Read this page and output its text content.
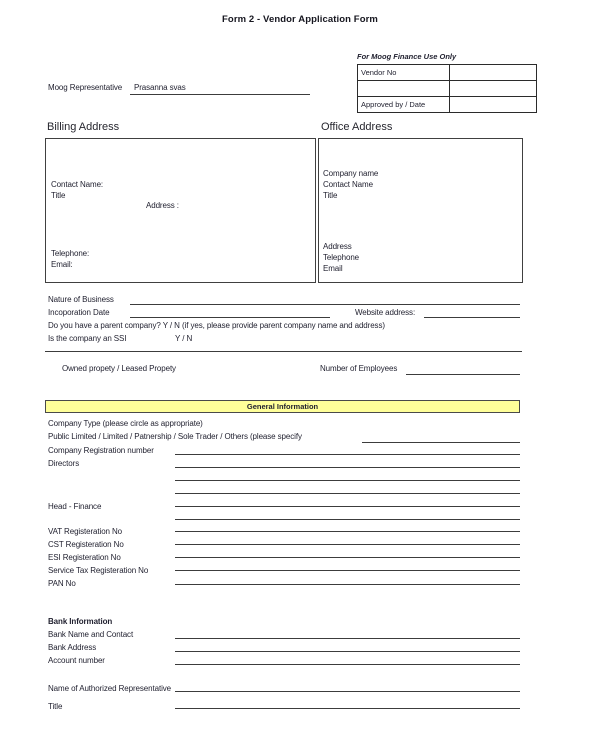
Form 2 - Vendor Application Form
For Moog Finance Use Only
Vendor No	

Approved by / Date	
Moog Representative Prasanna svas
Billing Address
Contact Name:
Title
Address :
Telephone:
Email:
Office Address
Company name
Contact Name
Title
Address
Telephone
Email
Nature of Business
Incoporation Date	Website address:
Do you have a parent company? Y / N (if yes, please provide parent company name and address)
Is the company an SSI	Y / N
Owned propety / Leased Propety	Number of Employees
General Information
Company Type (please circle as appropriate)
Public Limited / Limited / Patnership / Sole Trader / Others (please specify
Company Registration number
Directors
Head - Finance
VAT Registeration No
CST Registeration No
ESI Registeration No
Service Tax Registeration No
PAN No
Bank Information
Bank Name and Contact
Bank Address
Account number
Name of Authorized Representative
Title
